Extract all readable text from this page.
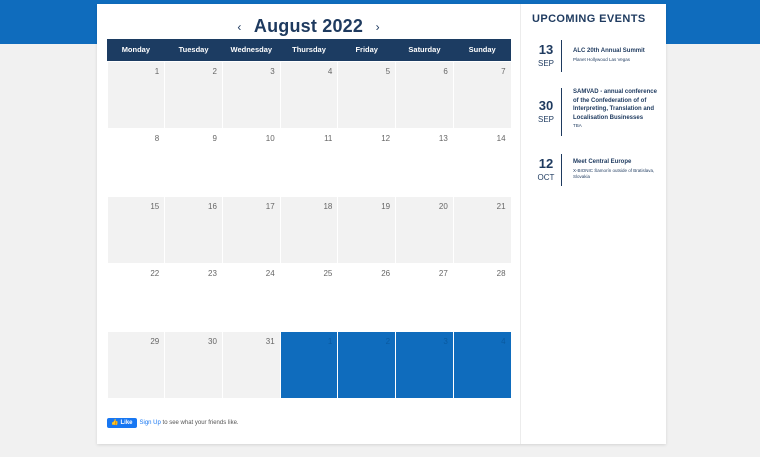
‹ August 2022 ›
Monday	Tuesday	Wednesday	Thursday	Friday	Saturday	Sunday
1	2	3	4	5	6	7
8	9	10	11	12	13	14
15	16	17	18	19	20	21
22	23	24	25	26	27	28
29	30	31	1	2	3	4
👍 Like Sign Up to see what your friends like.
UPCOMING EVENTS
13
SEP
ALC 20th Annual Summit
Planet Hollywood Las Vegas
30
SEP
SAMVAD - annual conference of the Confederation of of Interpreting, Translation and Localisation Businesses
TBA
12
OCT
Meet Central Europe
X-BIONIC Šamorín outside of Bratislava, Slovakia
